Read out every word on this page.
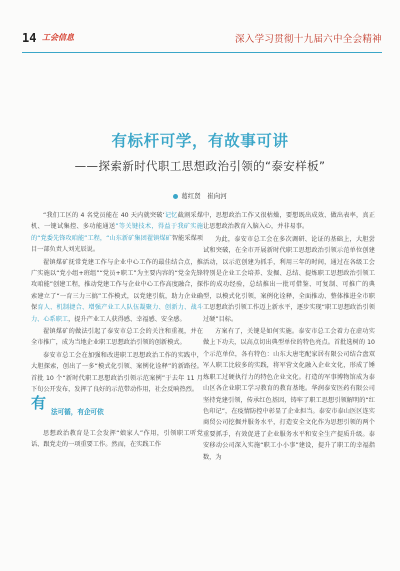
14 工会信息	深入学习贯彻十九届六中全会精神
有标杆可学，有故事可讲
——探索新时代职工思想政治引领的“泰安样板”
葛红贤　崔向河

“我们工区的 4 名党员能在 40 天内就突破‘记忆截割采煤机、一键试集控、多功能通送”等关键技术，得益于我矿实施的“党委先锋攻咱能”工程，“山东新矿集团翟镇煤矿智能采煤项目一部负责人刘光辰说。

翟镇煤矿抚常党建工作与企业中心工作的最佳结合点，推广实施以“党小组+班组”“党员+职工”为主要内容的“党金先锋攻咱能”创建工程，推动党建工作与企业中心工作高度融合，探索建立了“一育三力三搞”工作模式，以党建引航，助力企业确保育人、机制捷合、增强产业工人队伍凝聚力、创新力、战斗力、心系职工，提升产业工人获得感、幸福感、安全感。

翟镇煤矿的做法引起了泰安市总工会的关注和重视，并在全市推广，成为当地企业职工思想政治引领的创新模式。

泰安市总工会在加强和改进职工思想政治工作的实践中，大胆探索，创出了一多“模式化引领、案例化诠释”的新路径。首批 10 个“新时代职工思想政治引领示范案例”于去年 11 月下旬公开发布，发挥了良好的示范带动作用，社会反响热烈。

有 法可循，有企可依

思想政治教育是工会发挥“娘家人”作用，引领职工听党话、跟党走的一项重要工作。然而，在实践工作

中，思想政治工作又很枯燥，要想既出成效、做出表率，真正让思想政治教育入脑入心，并非易事。

为此，泰安市总工会在多次调研、论证的基础上，大胆尝试和突破，在全市开展新时代职工思想政治引领示范单位创建活动，以示范创建为抓手，利用三年的时间，通过在各级工会特别是企业工会培养、发掘、总结、提炼职工思想政治引领工作的成功经验，总结推出一批可借鉴、可复制、可推广的典型，以模式化引领，案例化诠释，全面推动、整体推进全市职工思想政治引领工作迈上新水平，逐步实现“职工思想政治引领过硬”目标。

方案有了，关键是如何实施。泰安市总工会着力在虚功实做上下功夫，以高点切出典型单位的特色亮点。首批选树的 10 个示范单位，各有特色：山东大唐宅配家居有限公司结合盘双军人职工比较多的实践，将军营文化融入企业文化，形成了锤炼职工过硬执行力的特色企业文化。打造的军事博物馆成为泰山区各企业职工学习教育的教育基地。华润泰安医药有限公司坚持党建引领，传承红色基因，铸牢了职工思想引领解明的“红色印记”，在疫情防控中彰显了企业担当。泰安市泰山医区连实商贸公司挖掘并服务水平，打造安全文化作为思想引领的两个重要抓手，有效促进了企业服务水平和安全生产提质升级。泰安移动公司深入实施“职工小小事”建设，提升了职工的幸福指数，为
